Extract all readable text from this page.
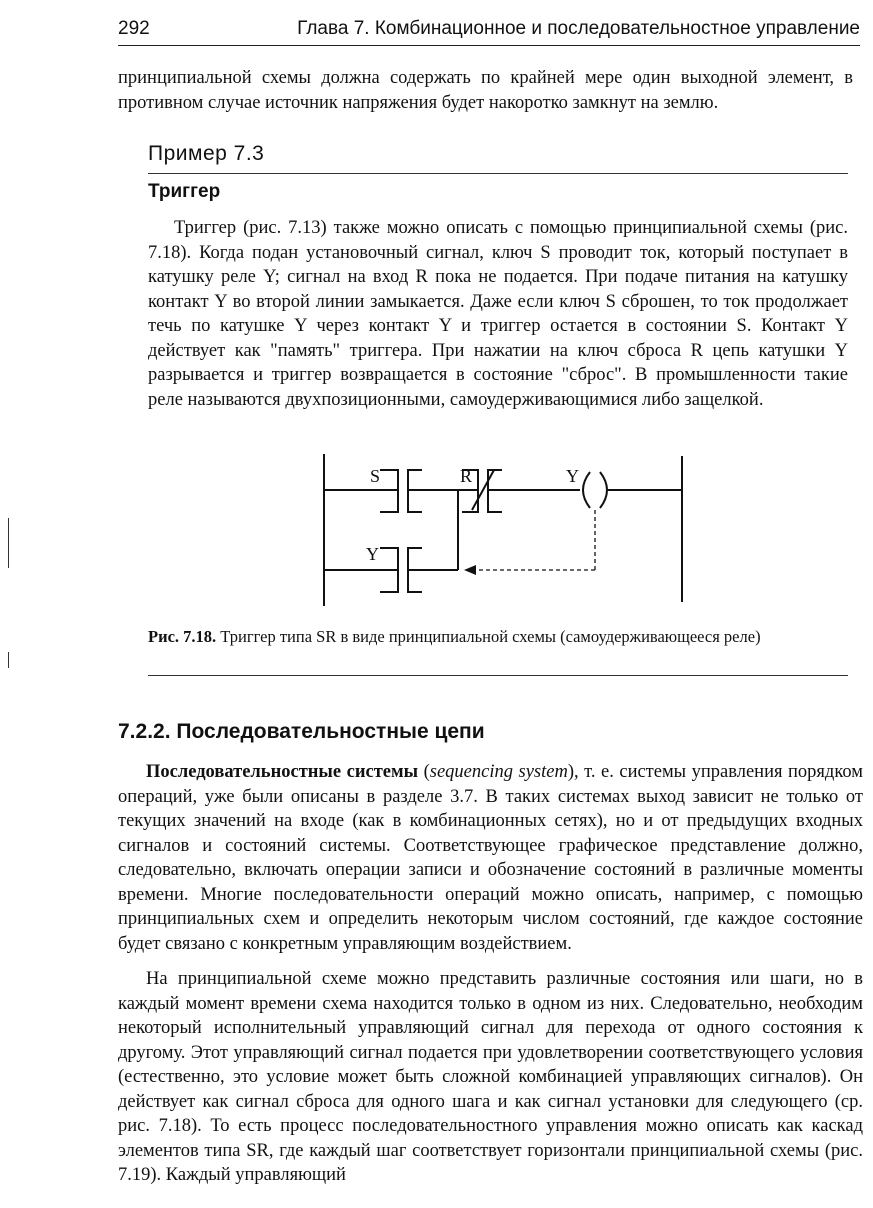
292	Глава 7. Комбинационное и последовательностное управление

принципиальной схемы должна содержать по крайней мере один выходной элемент, в противном случае источник напряжения будет накоротко замкнут на землю.

Пример 7.3
Триггер

Триггер (рис. 7.13) также можно описать с помощью принципиальной схемы (рис. 7.18). Когда подан установочный сигнал, ключ S проводит ток, который поступает в катушку реле Y; сигнал на вход R пока не подается. При подаче питания на катушку контакт Y во второй линии замыкается. Даже если ключ S сброшен, то ток продолжает течь по катушке Y через контакт Y и триггер остается в состоянии S. Контакт Y действует как "память" триггера. При нажатии на ключ сброса R цепь катушки Y разрывается и триггер возвращается в состояние "сброс". В промышленности такие реле называются двухпозиционными, самоудерживающимися либо защелкой.

S	R	Y
Y

Рис. 7.18. Триггер типа SR в виде принципиальной схемы (самоудерживающееся реле)

7.2.2. Последовательностные цепи

Последовательностные системы (sequencing system), т. е. системы управления порядком операций, уже были описаны в разделе 3.7. В таких системах выход зависит не только от текущих значений на входе (как в комбинационных сетях), но и от предыдущих входных сигналов и состояний системы. Соответствующее графическое представление должно, следовательно, включать операции записи и обозначение состояний в различные моменты времени. Многие последовательности операций можно описать, например, с помощью принципиальных схем и определить некоторым числом состояний, где каждое состояние будет связано с конкретным управляющим воздействием.

На принципиальной схеме можно представить различные состояния или шаги, но в каждый момент времени схема находится только в одном из них. Следовательно, необходим некоторый исполнительный управляющий сигнал для перехода от одного состояния к другому. Этот управляющий сигнал подается при удовлетворении соответствующего условия (естественно, это условие может быть сложной комбинацией управляющих сигналов). Он действует как сигнал сброса для одного шага и как сигнал установки для следующего (ср. рис. 7.18). То есть процесс последовательностного управления можно описать как каскад элементов типа SR, где каждый шаг соответствует горизонтали принципиальной схемы (рис. 7.19). Каждый управляющий
